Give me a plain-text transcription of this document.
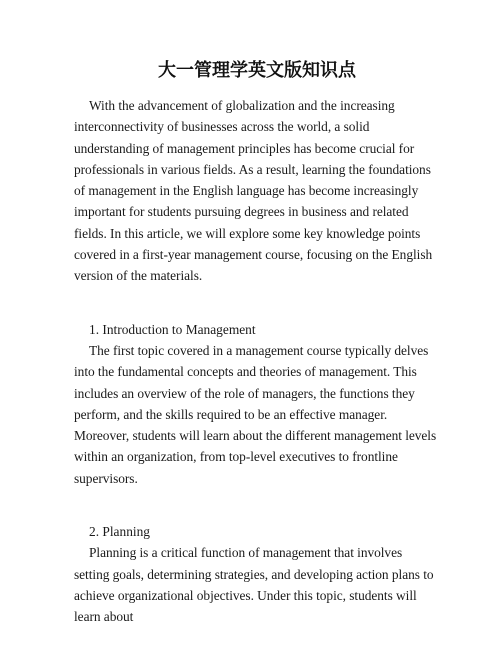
大一管理学英文版知识点

With the advancement of globalization and the increasing interconnectivity of businesses across the world, a solid understanding of management principles has become crucial for professionals in various fields. As a result, learning the foundations of management in the English language has become increasingly important for students pursuing degrees in business and related fields. In this article, we will explore some key knowledge points covered in a first-year management course, focusing on the English version of the materials.

1. Introduction to Management

The first topic covered in a management course typically delves into the fundamental concepts and theories of management. This includes an overview of the role of managers, the functions they perform, and the skills required to be an effective manager. Moreover, students will learn about the different management levels within an organization, from top-level executives to frontline supervisors.

2. Planning

Planning is a critical function of management that involves setting goals, determining strategies, and developing action plans to achieve organizational objectives. Under this topic, students will learn about
